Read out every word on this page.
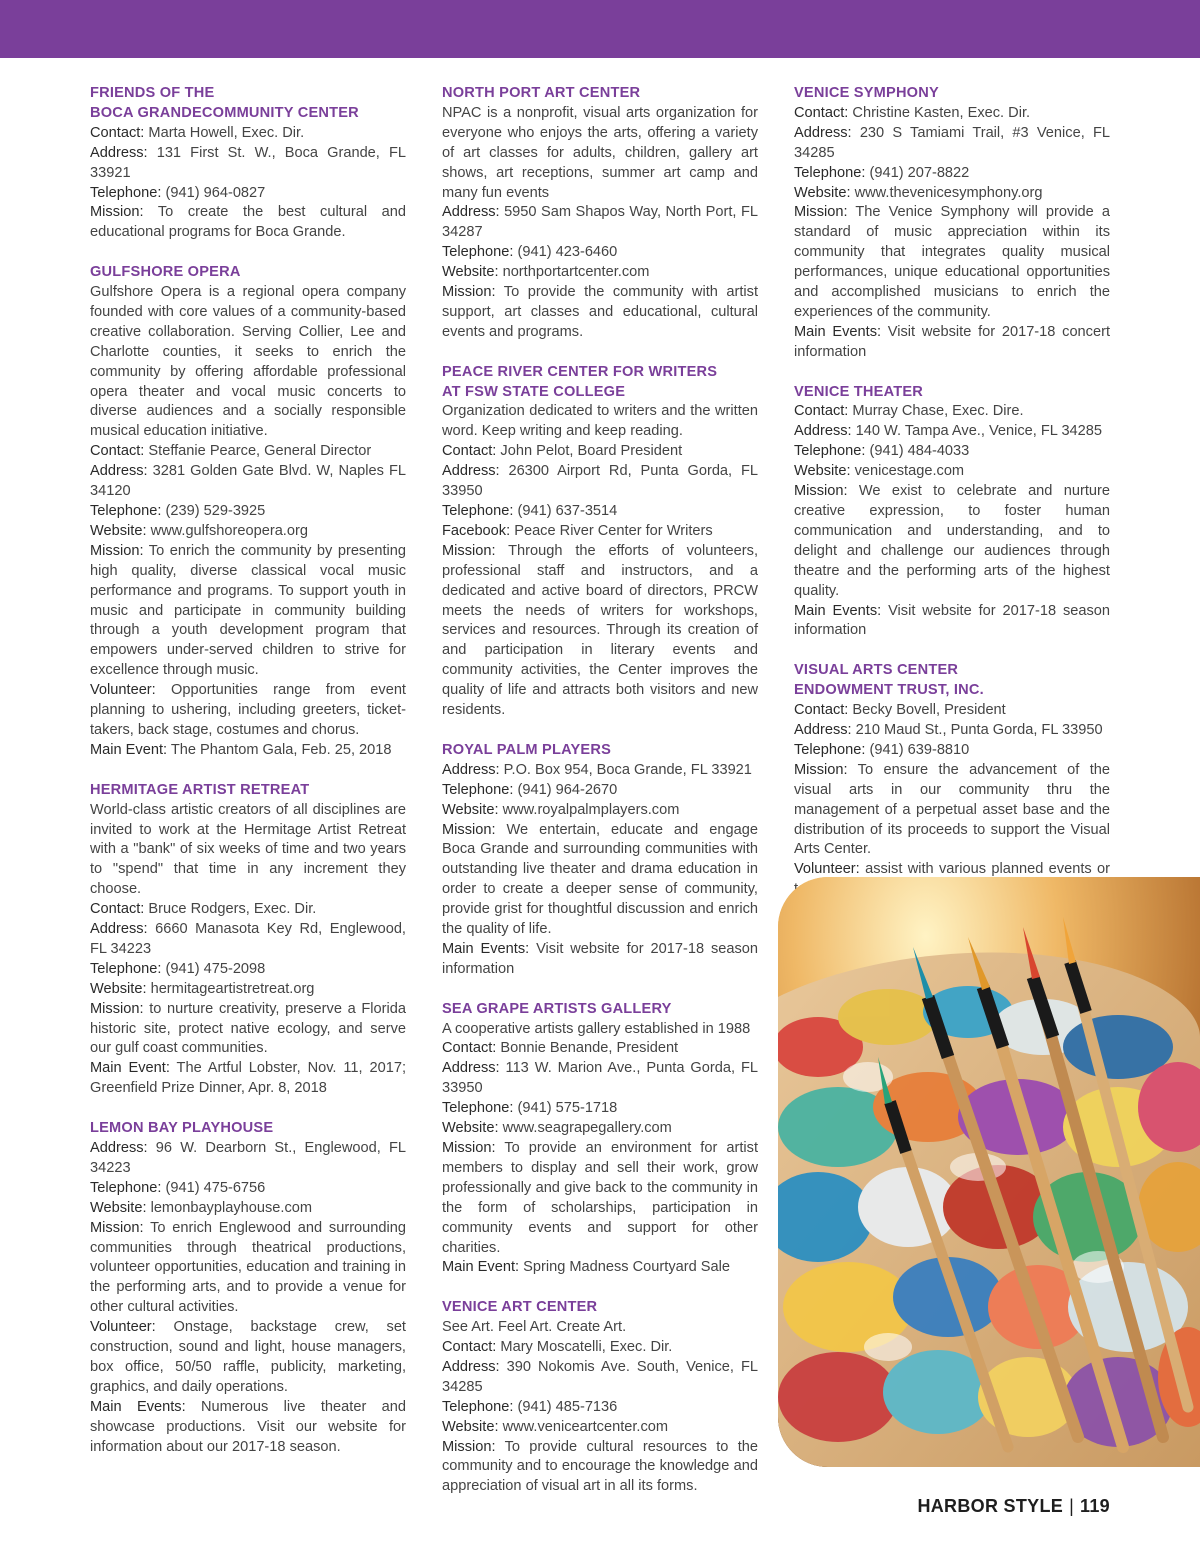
FRIENDS OF THE
BOCA GRANDECOMMUNITY CENTER

Contact: Marta Howell, Exec. Dir.

Address: 131 First St. W., Boca Grande, FL 33921

Telephone: (941) 964-0827

Mission: To create the best cultural and educational programs for Boca Grande.

GULFSHORE OPERA

Gulfshore Opera is a regional opera company founded with core values of a community-based creative collaboration. Serving Collier, Lee and Charlotte counties, it seeks to enrich the community by offering affordable professional opera theater and vocal music concerts to diverse audiences and a socially responsible musical education initiative.

Contact: Steffanie Pearce, General Director

Address: 3281 Golden Gate Blvd. W, Naples FL 34120

Telephone: (239) 529-3925

Website: www.gulfshoreopera.org

Mission: To enrich the community by presenting high quality, diverse classical vocal music performance and programs. To support youth in music and participate in community building through a youth development program that empowers under-served children to strive for excellence through music.

Volunteer: Opportunities range from event planning to ushering, including greeters, ticket-takers, back stage, costumes and chorus.

Main Event: The Phantom Gala, Feb. 25, 2018

HERMITAGE ARTIST RETREAT

World-class artistic creators of all disciplines are invited to work at the Hermitage Artist Retreat with a "bank" of six weeks of time and two years to "spend" that time in any increment they choose.

Contact: Bruce Rodgers, Exec. Dir.

Address: 6660 Manasota Key Rd, Englewood, FL 34223

Telephone: (941) 475-2098

Website: hermitageartistretreat.org

Mission: to nurture creativity, preserve a Florida historic site, protect native ecology, and serve our gulf coast communities.

Main Event: The Artful Lobster, Nov. 11, 2017; Greenfield Prize Dinner, Apr. 8, 2018

LEMON BAY PLAYHOUSE

Address: 96 W. Dearborn St., Englewood, FL 34223

Telephone: (941) 475-6756

Website: lemonbayplayhouse.com

Mission: To enrich Englewood and surrounding communities through theatrical productions, volunteer opportunities, education and training in the performing arts, and to provide a venue for other cultural activities.

Volunteer: Onstage, backstage crew, set construction, sound and light, house managers, box office, 50/50 raffle, publicity, marketing, graphics, and daily operations.

Main Events: Numerous live theater and showcase productions. Visit our website for information about our 2017-18 season.

NORTH PORT ART CENTER

NPAC is a nonprofit, visual arts organization for everyone who enjoys the arts, offering a variety of art classes for adults, children, gallery art shows, art receptions, summer art camp and many fun events

Address: 5950 Sam Shapos Way, North Port, FL 34287

Telephone: (941) 423-6460

Website: northportartcenter.com

Mission: To provide the community with artist support, art classes and educational, cultural events and programs.

PEACE RIVER CENTER FOR WRITERS
AT FSW STATE COLLEGE

Organization dedicated to writers and the written word. Keep writing and keep reading.

Contact: John Pelot, Board President

Address: 26300 Airport Rd, Punta Gorda, FL 33950

Telephone: (941) 637-3514

Facebook: Peace River Center for Writers

Mission: Through the efforts of volunteers, professional staff and instructors, and a dedicated and active board of directors, PRCW meets the needs of writers for workshops, services and resources. Through its creation of and participation in literary events and community activities, the Center improves the quality of life and attracts both visitors and new residents.

ROYAL PALM PLAYERS

Address: P.O. Box 954, Boca Grande, FL 33921

Telephone: (941) 964-2670

Website: www.royalpalmplayers.com

Mission: We entertain, educate and engage Boca Grande and surrounding communities with outstanding live theater and drama education in order to create a deeper sense of community, provide grist for thoughtful discussion and enrich the quality of life.

Main Events: Visit website for 2017-18 season information

SEA GRAPE ARTISTS GALLERY

A cooperative artists gallery established in 1988

Contact: Bonnie Benande, President

Address: 113 W. Marion Ave., Punta Gorda, FL 33950

Telephone: (941) 575-1718

Website: www.seagrapegallery.com

Mission: To provide an environment for artist members to display and sell their work, grow professionally and give back to the community in the form of scholarships, participation in community events and support for other charities.

Main Event: Spring Madness Courtyard Sale

VENICE ART CENTER

See Art. Feel Art. Create Art.

Contact: Mary Moscatelli, Exec. Dir.

Address: 390 Nokomis Ave. South, Venice, FL 34285

Telephone: (941) 485-7136

Website: www.veniceartcenter.com

Mission: To provide cultural resources to the community and to encourage the knowledge and appreciation of visual art in all its forms.

VENICE SYMPHONY

Contact: Christine Kasten, Exec. Dir.

Address: 230 S Tamiami Trail, #3 Venice, FL 34285

Telephone: (941) 207-8822

Website: www.thevenicesymphony.org

Mission: The Venice Symphony will provide a standard of music appreciation within its community that integrates quality musical performances, unique educational opportunities and accomplished musicians to enrich the experiences of the community.

Main Events: Visit website for 2017-18 concert information

VENICE THEATER

Contact: Murray Chase, Exec. Dire.

Address: 140 W. Tampa Ave., Venice, FL 34285

Telephone: (941) 484-4033

Website: venicestage.com

Mission: We exist to celebrate and nurture creative expression, to foster human communication and understanding, and to delight and challenge our audiences through theatre and the performing arts of the highest quality.

Main Events: Visit website for 2017-18 season information

VISUAL ARTS CENTER
ENDOWMENT TRUST, INC.

Contact: Becky Bovell, President

Address: 210 Maud St., Punta Gorda, FL 33950

Telephone: (941) 639-8810

Mission: To ensure the advancement of the visual arts in our community thru the management of a perpetual asset base and the distribution of its proceeds to support the Visual Arts Center.

Volunteer: assist with various planned events or

HARBOR STYLE | 119
